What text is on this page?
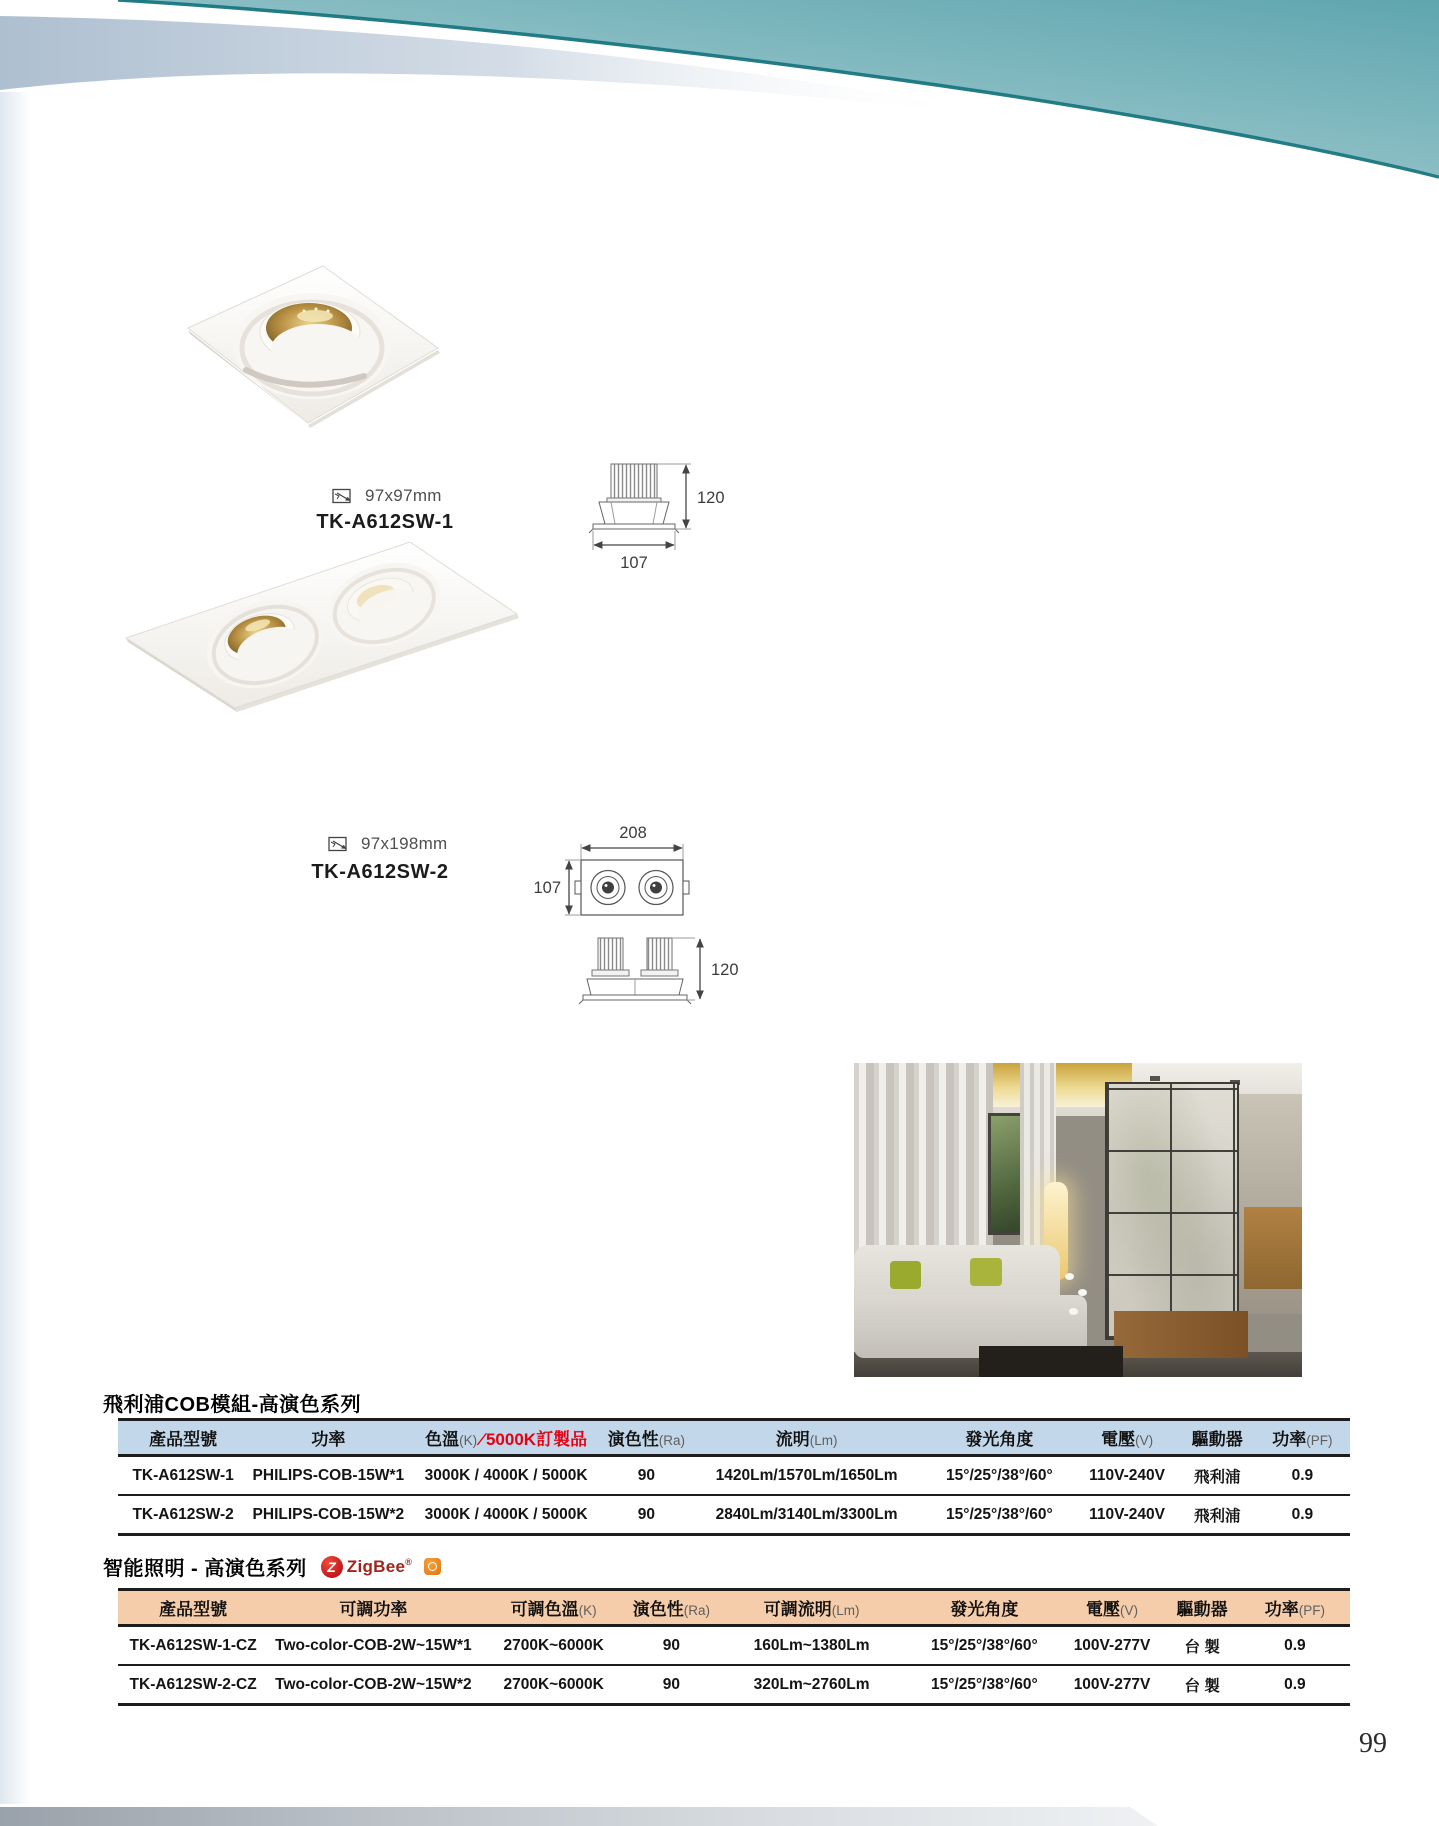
97x97mm
TK-A612SW-1
120
107
97x198mm
TK-A612SW-2
208
107
120
飛利浦COB模組-高演色系列
產品型號	功率	色溫(K) ∕ 5000K訂製品	演色性(Ra)	流明(Lm)	發光角度	電壓(V)	驅動器	功率(PF)
TK-A612SW-1	PHILIPS-COB-15W*1	3000K / 4000K / 5000K	90	1420Lm/1570Lm/1650Lm	15°/25°/38°/60°	110V-240V	飛利浦	0.9
TK-A612SW-2	PHILIPS-COB-15W*2	3000K / 4000K / 5000K	90	2840Lm/3140Lm/3300Lm	15°/25°/38°/60°	110V-240V	飛利浦	0.9
智能照明 - 高演色系列	Z ZigBee®
產品型號	可調功率	可調色溫(K)	演色性(Ra)	可調流明(Lm)	發光角度	電壓(V)	驅動器	功率(PF)
TK-A612SW-1-CZ	Two-color-COB-2W~15W*1	2700K~6000K	90	160Lm~1380Lm	15°/25°/38°/60°	100V-277V	台 製	0.9
TK-A612SW-2-CZ	Two-color-COB-2W~15W*2	2700K~6000K	90	320Lm~2760Lm	15°/25°/38°/60°	100V-277V	台 製	0.9
99
